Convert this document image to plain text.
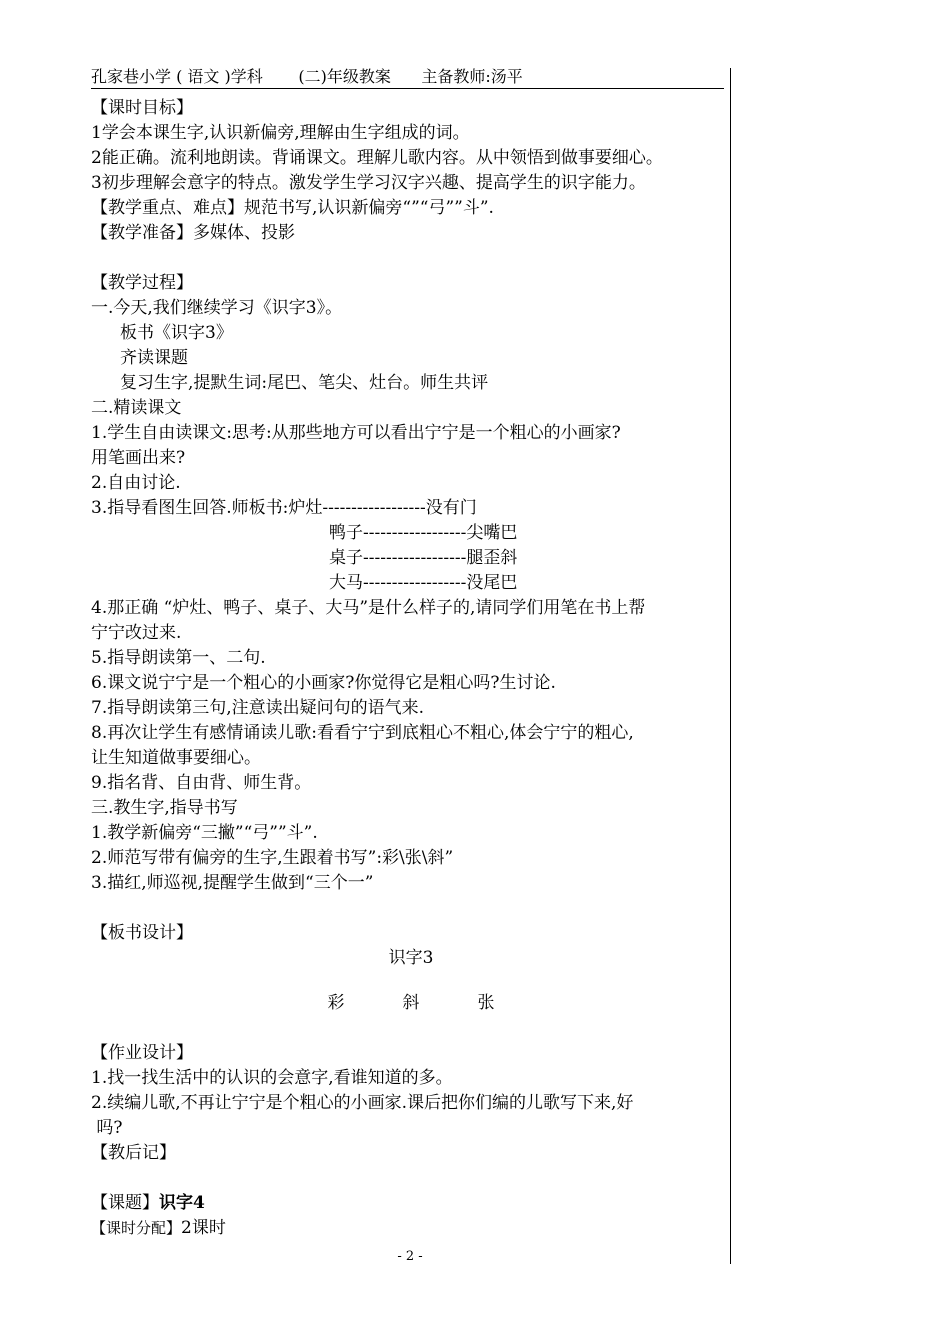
孔家巷小学 ( 语文 )学科       (二)年级教案      主备教师:汤平
【课时目标】
1学会本课生字,认识新偏旁,理解由生字组成的词。
2能正确。流利地朗读。背诵课文。理解儿歌内容。从中领悟到做事要细心。
3初步理解会意字的特点。激发学生学习汉字兴趣、提高学生的识字能力。
【教学重点、难点】规范书写,认识新偏旁“”“弓””斗”.
【教学准备】多媒体、投影
【教学过程】
一.今天,我们继续学习《识字3》。
板书《识字3》
齐读课题
复习生字,提默生词:尾巴、笔尖、灶台。师生共评
二.精读课文
1.学生自由读课文:思考:从那些地方可以看出宁宁是一个粗心的小画家?
用笔画出来?
2.自由讨论.
3.指导看图生回答.师板书:炉灶------------------没有门
鸭子------------------尖嘴巴
桌子------------------腿歪斜
大马------------------没尾巴
4.那正确 “炉灶、鸭子、桌子、大马”是什么样子的,请同学们用笔在书上帮
宁宁改过来.
5.指导朗读第一、二句.
6.课文说宁宁是一个粗心的小画家?你觉得它是粗心吗?生讨论.
7.指导朗读第三句,注意读出疑问句的语气来.
8.再次让学生有感情诵读儿歌:看看宁宁到底粗心不粗心,体会宁宁的粗心,
让生知道做事要细心。
9.指名背、自由背、师生背。
三.教生字,指导书写
1.教学新偏旁“三撇”“弓””斗”.
2.师范写带有偏旁的生字,生跟着书写”:彩\张\斜”
3.描红,师巡视,提醒学生做到“三个一”
【板书设计】
识字3
彩	斜	张
【作业设计】
1.找一找生活中的认识的会意字,看谁知道的多。
2.续编儿歌,不再让宁宁是个粗心的小画家.课后把你们编的儿歌写下来,好
吗?
【教后记】
【课题】识字4
【课时分配】2课时
- 2 -
